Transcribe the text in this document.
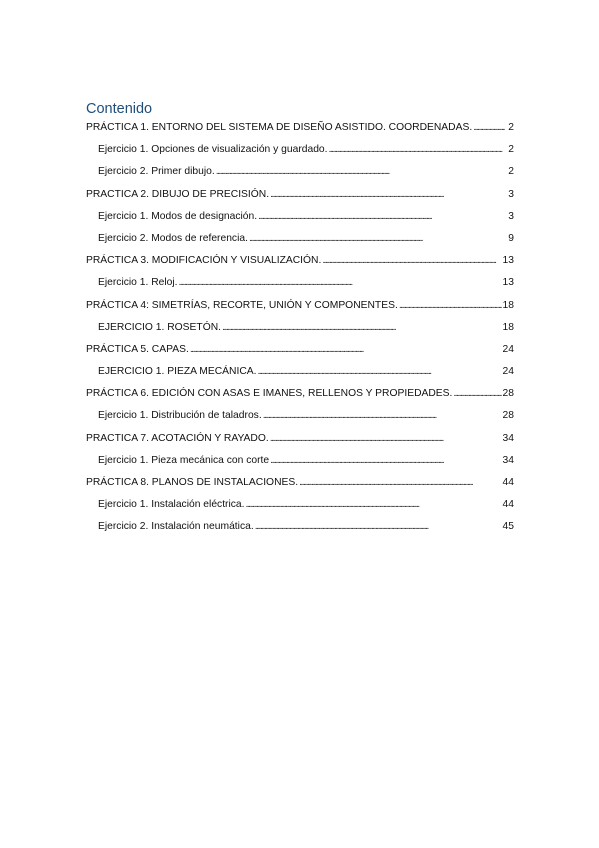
Contenido
PRÁCTICA 1. ENTORNO DEL SISTEMA DE DISEÑO ASISTIDO. COORDENADAS. . . .	2
Ejercicio 1. Opciones de visualización y guardado. . . .	2
Ejercicio 2. Primer dibujo. . . .	2
PRACTICA 2. DIBUJO DE PRECISIÓN. . . .	3
Ejercicio 1. Modos de designación. . . .	3
Ejercicio 2. Modos de referencia. . . .	9
PRÁCTICA 3. MODIFICACIÓN Y VISUALIZACIÓN. . . .	13
Ejercicio 1. Reloj. . . .	13
PRÁCTICA 4: SIMETRÍAS, RECORTE, UNIÓN Y COMPONENTES. . . .	18
EJERCICIO 1. ROSETÓN. . . .	18
PRÁCTICA 5. CAPAS. . . .	24
EJERCICIO 1. PIEZA MECÁNICA. . . .	24
PRÁCTICA 6. EDICIÓN CON ASAS E IMANES, RELLENOS Y PROPIEDADES. . . .	28
Ejercicio 1. Distribución de taladros. . . .	28
PRACTICA 7. ACOTACIÓN Y RAYADO. . . .	34
Ejercicio 1. Pieza mecánica con corte . . .	34
PRÁCTICA 8. PLANOS DE INSTALACIONES. . . .	44
Ejercicio 1. Instalación eléctrica. . . .	44
Ejercicio 2. Instalación neumática. . . .	45
